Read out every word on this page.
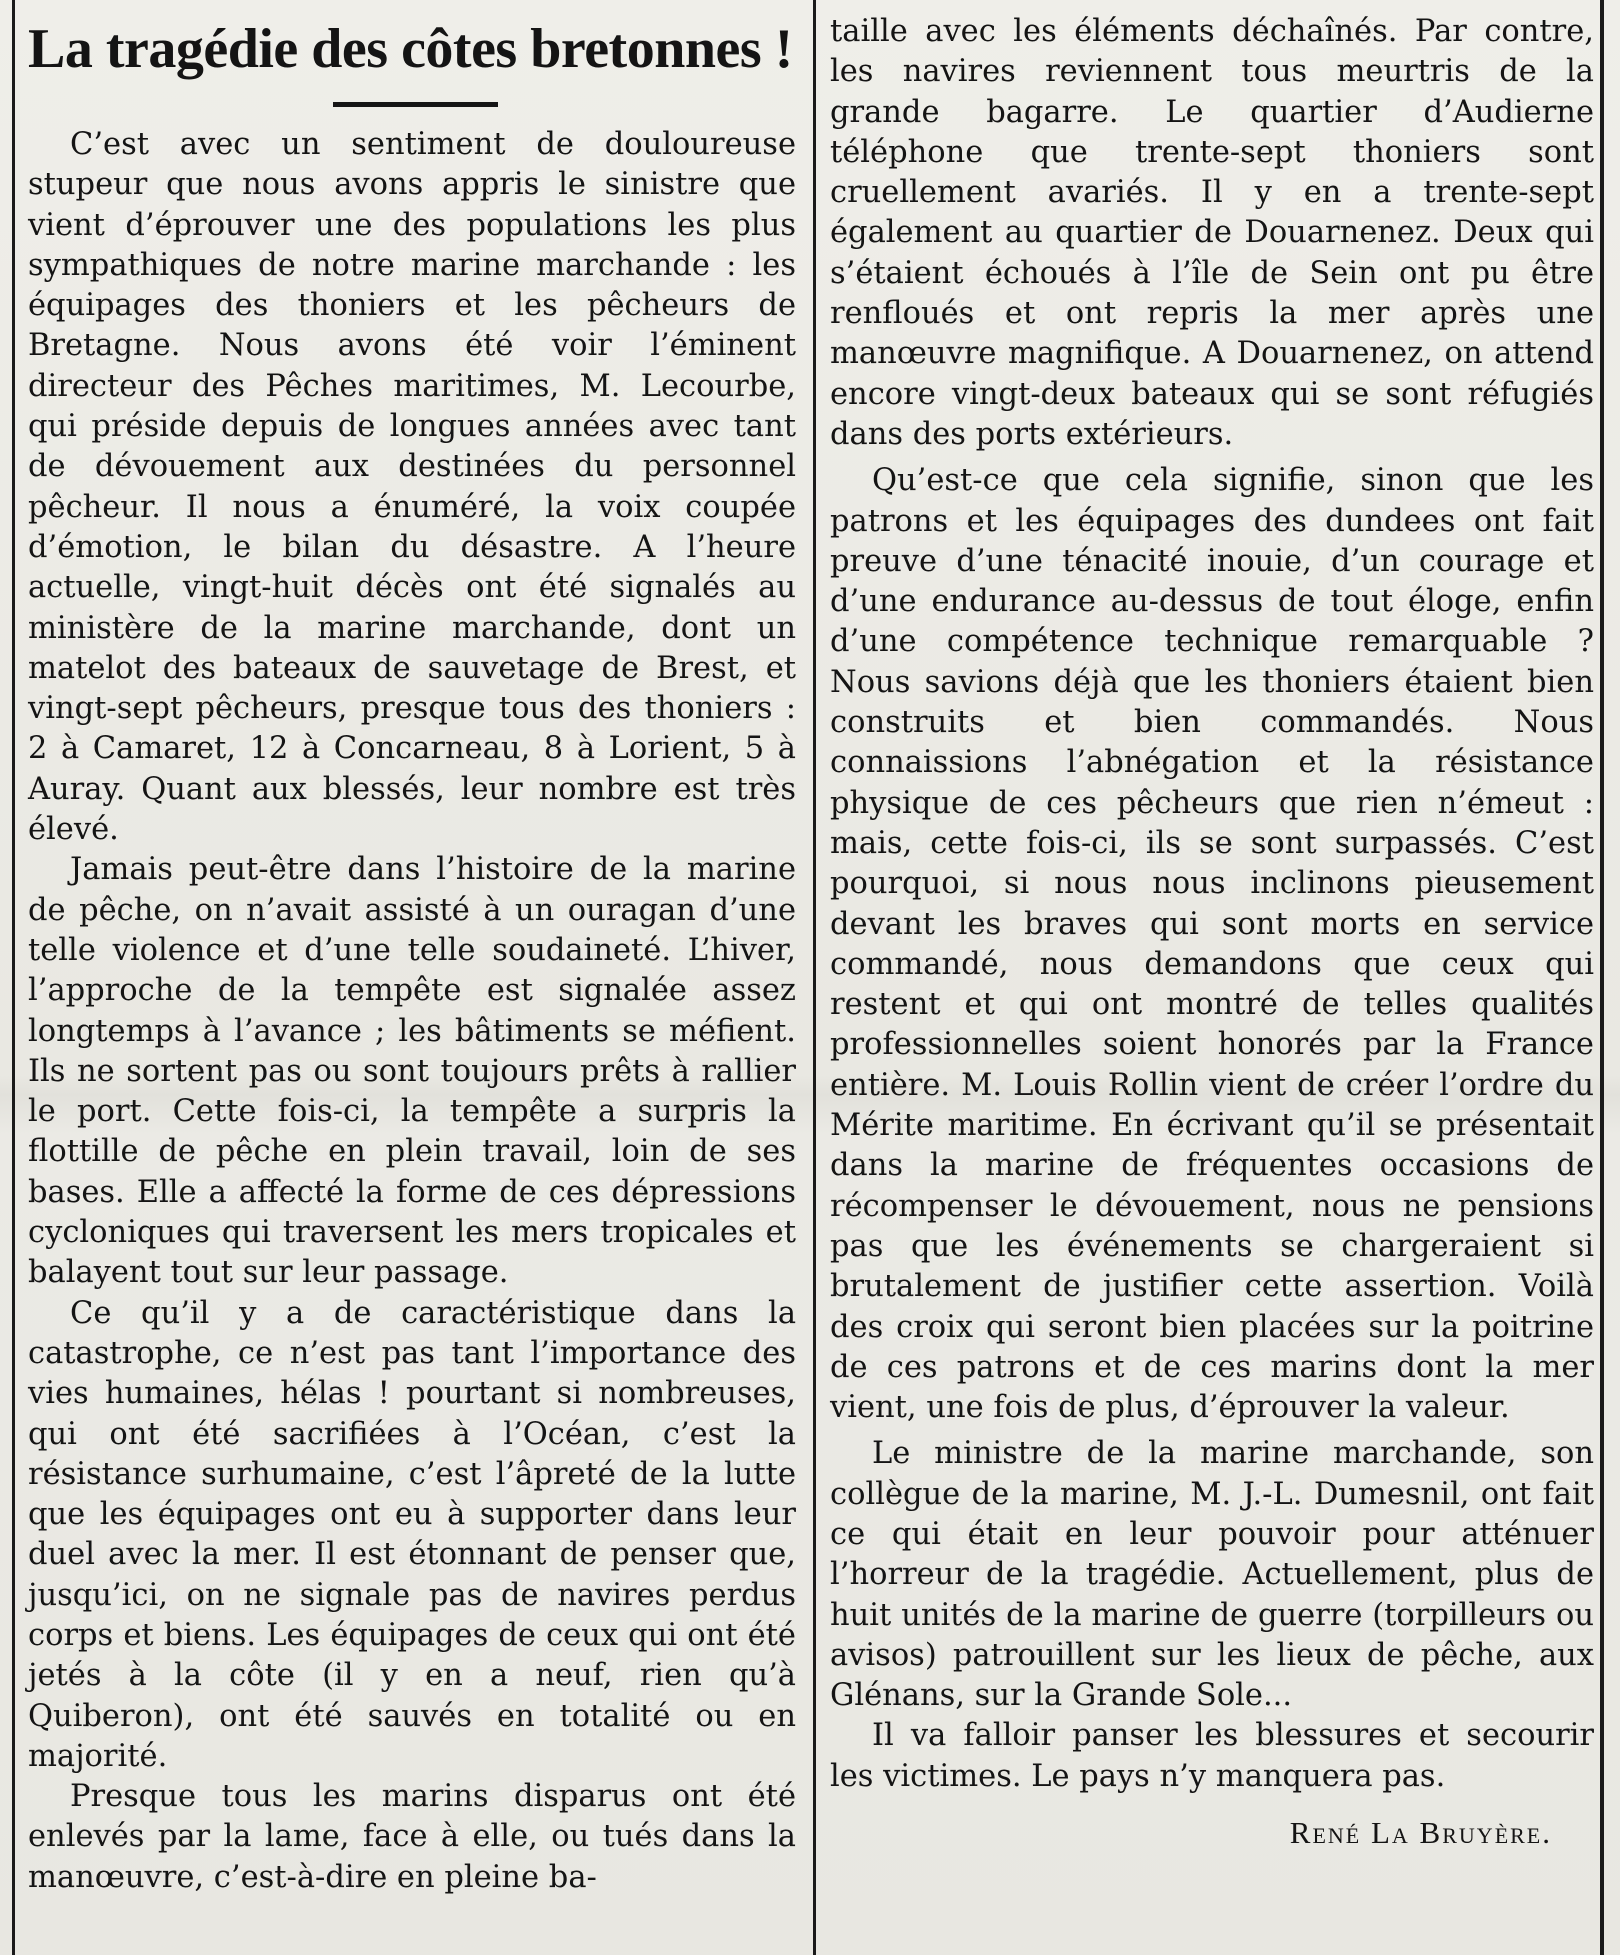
La tragédie des côtes bretonnes !

C’est avec un sentiment de douloureuse stupeur que nous avons appris le sinistre que vient d’éprouver une des populations les plus sympathiques de notre marine marchande : les équipages des thoniers et les pêcheurs de Bretagne. Nous avons été voir l’éminent directeur des Pêches maritimes, M. Lecourbe, qui préside depuis de longues années avec tant de dévouement aux destinées du personnel pêcheur. Il nous a énuméré, la voix coupée d’émotion, le bilan du désastre. A l’heure actuelle, vingt-huit décès ont été signalés au ministère de la marine marchande, dont un matelot des bateaux de sauvetage de Brest, et vingt-sept pêcheurs, presque tous des thoniers : 2 à Camaret, 12 à Concarneau, 8 à Lorient, 5 à Auray. Quant aux blessés, leur nombre est très élevé.

Jamais peut-être dans l’histoire de la marine de pêche, on n’avait assisté à un ouragan d’une telle violence et d’une telle soudaineté. L’hiver, l’approche de la tempête est signalée assez longtemps à l’avance ; les bâtiments se méfient. Ils ne sortent pas ou sont toujours prêts à rallier le port. Cette fois-ci, la tempête a surpris la flottille de pêche en plein travail, loin de ses bases. Elle a affecté la forme de ces dépressions cycloniques qui traversent les mers tropicales et balayent tout sur leur passage.

Ce qu’il y a de caractéristique dans la catastrophe, ce n’est pas tant l’importance des vies humaines, hélas ! pourtant si nombreuses, qui ont été sacrifiées à l’Océan, c’est la résistance surhumaine, c’est l’âpreté de la lutte que les équipages ont eu à supporter dans leur duel avec la mer. Il est étonnant de penser que, jusqu’ici, on ne signale pas de navires perdus corps et biens. Les équipages de ceux qui ont été jetés à la côte (il y en a neuf, rien qu’à Quiberon), ont été sauvés en totalité ou en majorité.

Presque tous les marins disparus ont été enlevés par la lame, face à elle, ou tués dans la manœuvre, c’est-à-dire en pleine ba-

taille avec les éléments déchaînés. Par contre, les navires reviennent tous meurtris de la grande bagarre. Le quartier d’Audierne téléphone que trente-sept thoniers sont cruellement avariés. Il y en a trente-sept également au quartier de Douarnenez. Deux qui s’étaient échoués à l’île de Sein ont pu être renfloués et ont repris la mer après une manœuvre magnifique. A Douarnenez, on attend encore vingt-deux bateaux qui se sont réfugiés dans des ports extérieurs.

Qu’est-ce que cela signifie, sinon que les patrons et les équipages des dundees ont fait preuve d’une ténacité inouie, d’un courage et d’une endurance au-dessus de tout éloge, enfin d’une compétence technique remarquable ? Nous savions déjà que les thoniers étaient bien construits et bien commandés. Nous connaissions l’abnégation et la résistance physique de ces pêcheurs que rien n’émeut : mais, cette fois-ci, ils se sont surpassés. C’est pourquoi, si nous nous inclinons pieusement devant les braves qui sont morts en service commandé, nous demandons que ceux qui restent et qui ont montré de telles qualités professionnelles soient honorés par la France entière. M. Louis Rollin vient de créer l’ordre du Mérite maritime. En écrivant qu’il se présentait dans la marine de fréquentes occasions de récompenser le dévouement, nous ne pensions pas que les événements se chargeraient si brutalement de justifier cette assertion. Voilà des croix qui seront bien placées sur la poitrine de ces patrons et de ces marins dont la mer vient, une fois de plus, d’éprouver la valeur.

Le ministre de la marine marchande, son collègue de la marine, M. J.-L. Dumesnil, ont fait ce qui était en leur pouvoir pour atténuer l’horreur de la tragédie. Actuellement, plus de huit unités de la marine de guerre (torpilleurs ou avisos) patrouillent sur les lieux de pêche, aux Glénans, sur la Grande Sole...

Il va falloir panser les blessures et secourir les victimes. Le pays n’y manquera pas.

René La Bruyère.
